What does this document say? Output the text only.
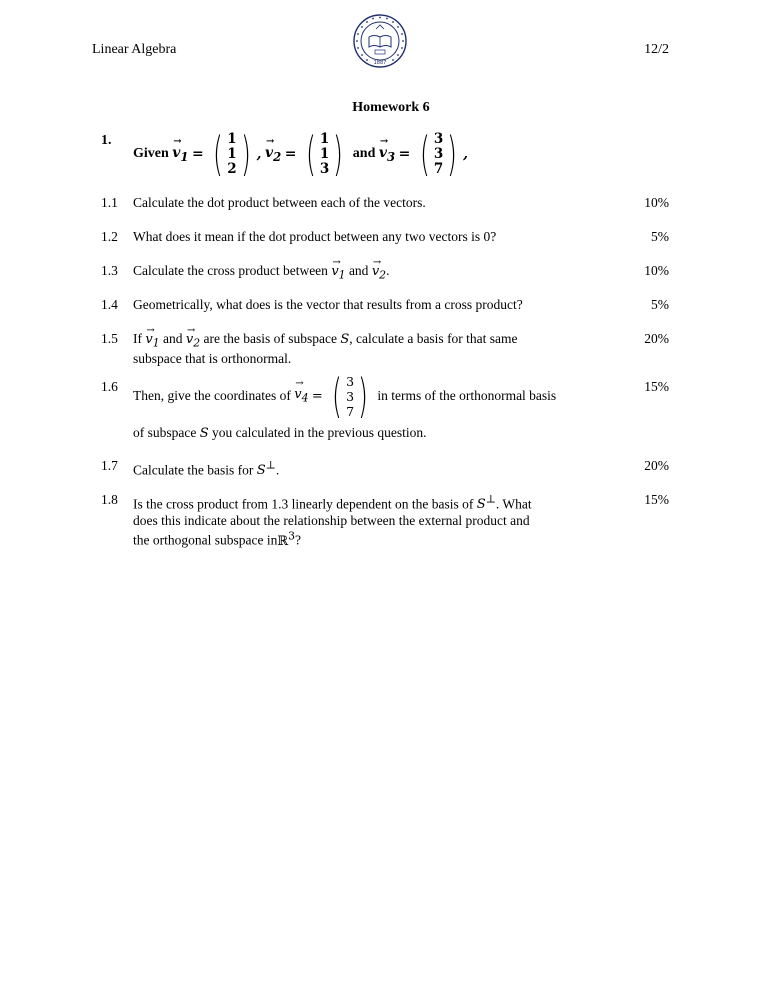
Linear Algebra	12/2
1887
Homework 6
1.
Given

→
$v_1$
=
( 1
1
2 ) ,

→
$v_2$
=
( 1
1
3 )
and

→
$v_3$
=
( 3
3
7 ) ,
1.1 Calculate the dot product between each of the vectors.	10%
1.2 What does it mean if the dot product between any two vectors is 0?	5%
1.3 Calculate the cross product between
→
$v_1$ and
→
$v_2$.	10%
1.4 Geometrically, what does is the vector that results from a cross product?	5%
1.5 If
→
$v_1$ and
→
$v_2$ are the basis of subspace S, calculate a basis for that same
subspace that is orthonormal.
20%
1.6
Then, give the coordinates of

→
$v_4$
=
( 3
3
7 )
in terms of the orthonormal basis
of subspace S you calculated in the previous question.
15%
1.7 Calculate the basis for S⊥.	20%
1.8 Is the cross product from 1.3 linearly dependent on the basis of S⊥. What
does this indicate about the relationship between the external product and
the orthogonal subspace inℝ$^3$?
15%
